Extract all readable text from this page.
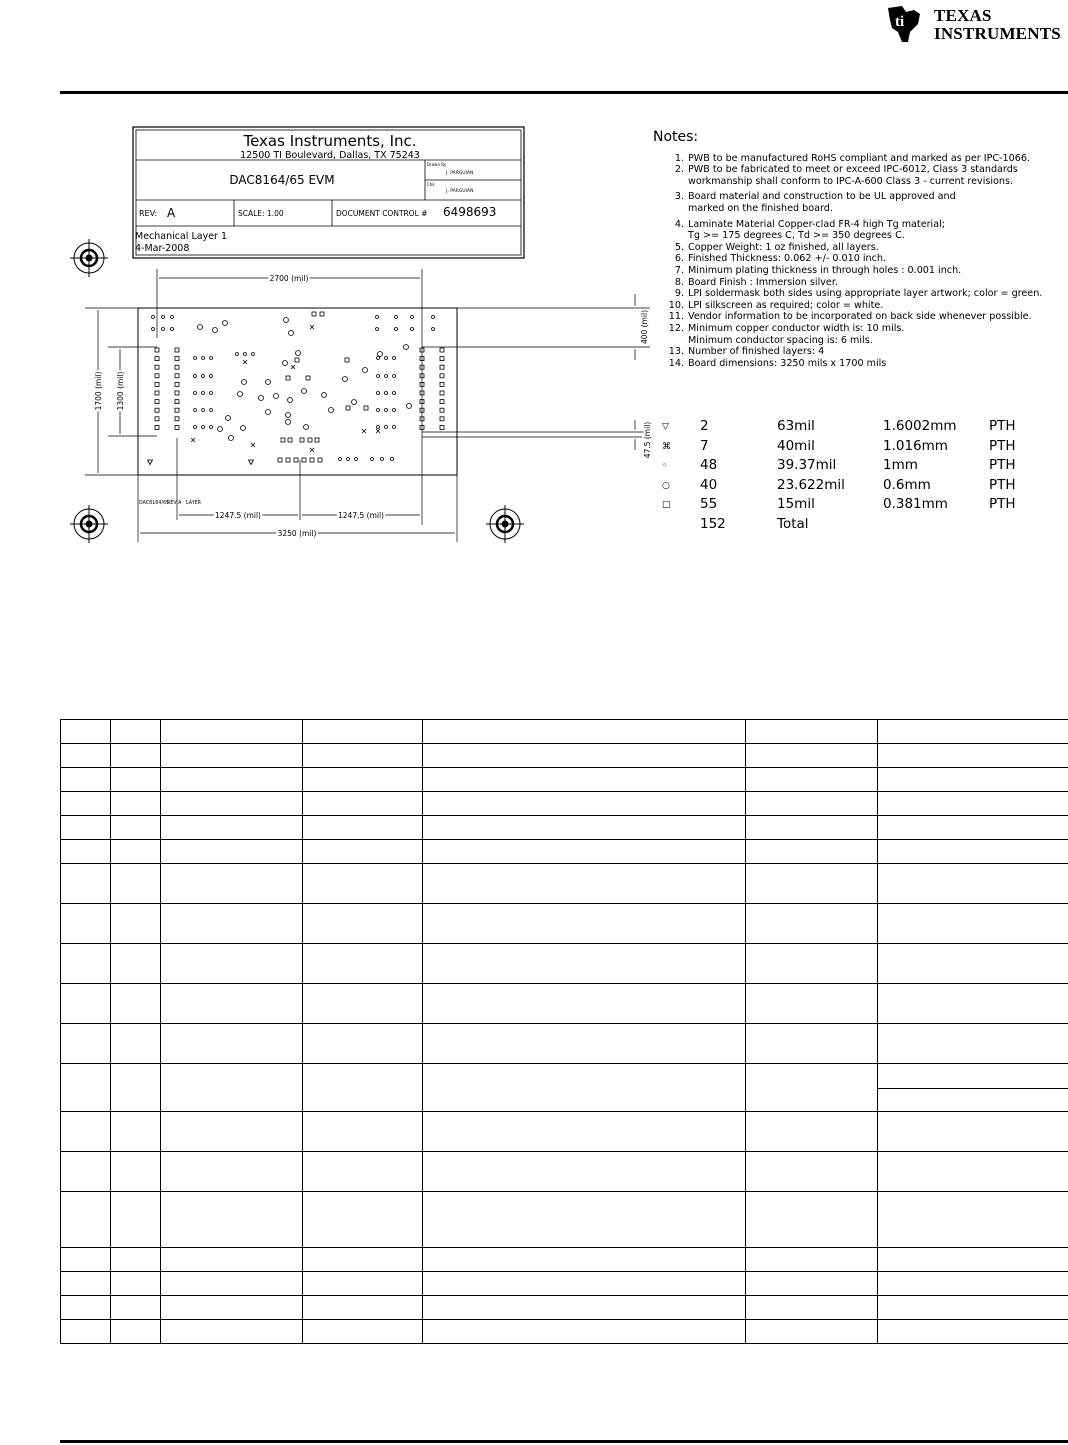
ti TEXAS
INSTRUMENTS
Texas Instruments, Inc.
12500 TI Boulevard, Dallas, TX 75243
Drawn By
J. PARGUIAN
Chk
J. PARGUIAN
DAC8164/65 EVM
REV: A	SCALE: 1.00	DOCUMENT CONTROL # 6498693
Mechanical Layer 1
4-Mar-2008
2700 (mil)
1700 (mil) 1300 (mil)
400 (mil)
47.5 (mil)
1247.5 (mil)	1247.5 (mil)
3250 (mil)
DAC8164/65
REV A LAYER
Notes:
1. PWB to be manufactured RoHS compliant and marked as per IPC-1066.
2. PWB to be fabricated to meet or exceed IPC-6012, Class 3 standards
workmanship shall conform to IPC-A-600 Class 3 - current revisions.
3. Board material and construction to be UL approved and
marked on the finished board.
4. Laminate Material Copper-clad FR-4 high Tg material;
Tg >= 175 degrees C, Td >= 350 degrees C.
5. Copper Weight: 1 oz finished, all layers.
6. Finished Thickness: 0.062 +/- 0.010 inch.
7. Minimum plating thickness in through holes : 0.001 inch.
8. Board Finish : Immersion silver.
9. LPI soldermask both sides using appropriate layer artwork; color = green.
10. LPI silkscreen as required; color = white.
11. Vendor information to be incorporated on back side whenever possible.
12. Minimum copper conductor width is: 10 mils.
Minimum conductor spacing is: 6 mils.
13. Number of finished layers: 4
14. Board dimensions: 3250 mils x 1700 mils
▽	2	63mil	1.6002mm PTH
⌘	7	40mil	1.016mm	PTH
◦	48	39.37mil	1mm	PTH
○	40	23.622mil	0.6mm	PTH
□	55	15mil	0.381mm	PTH
152	Total
